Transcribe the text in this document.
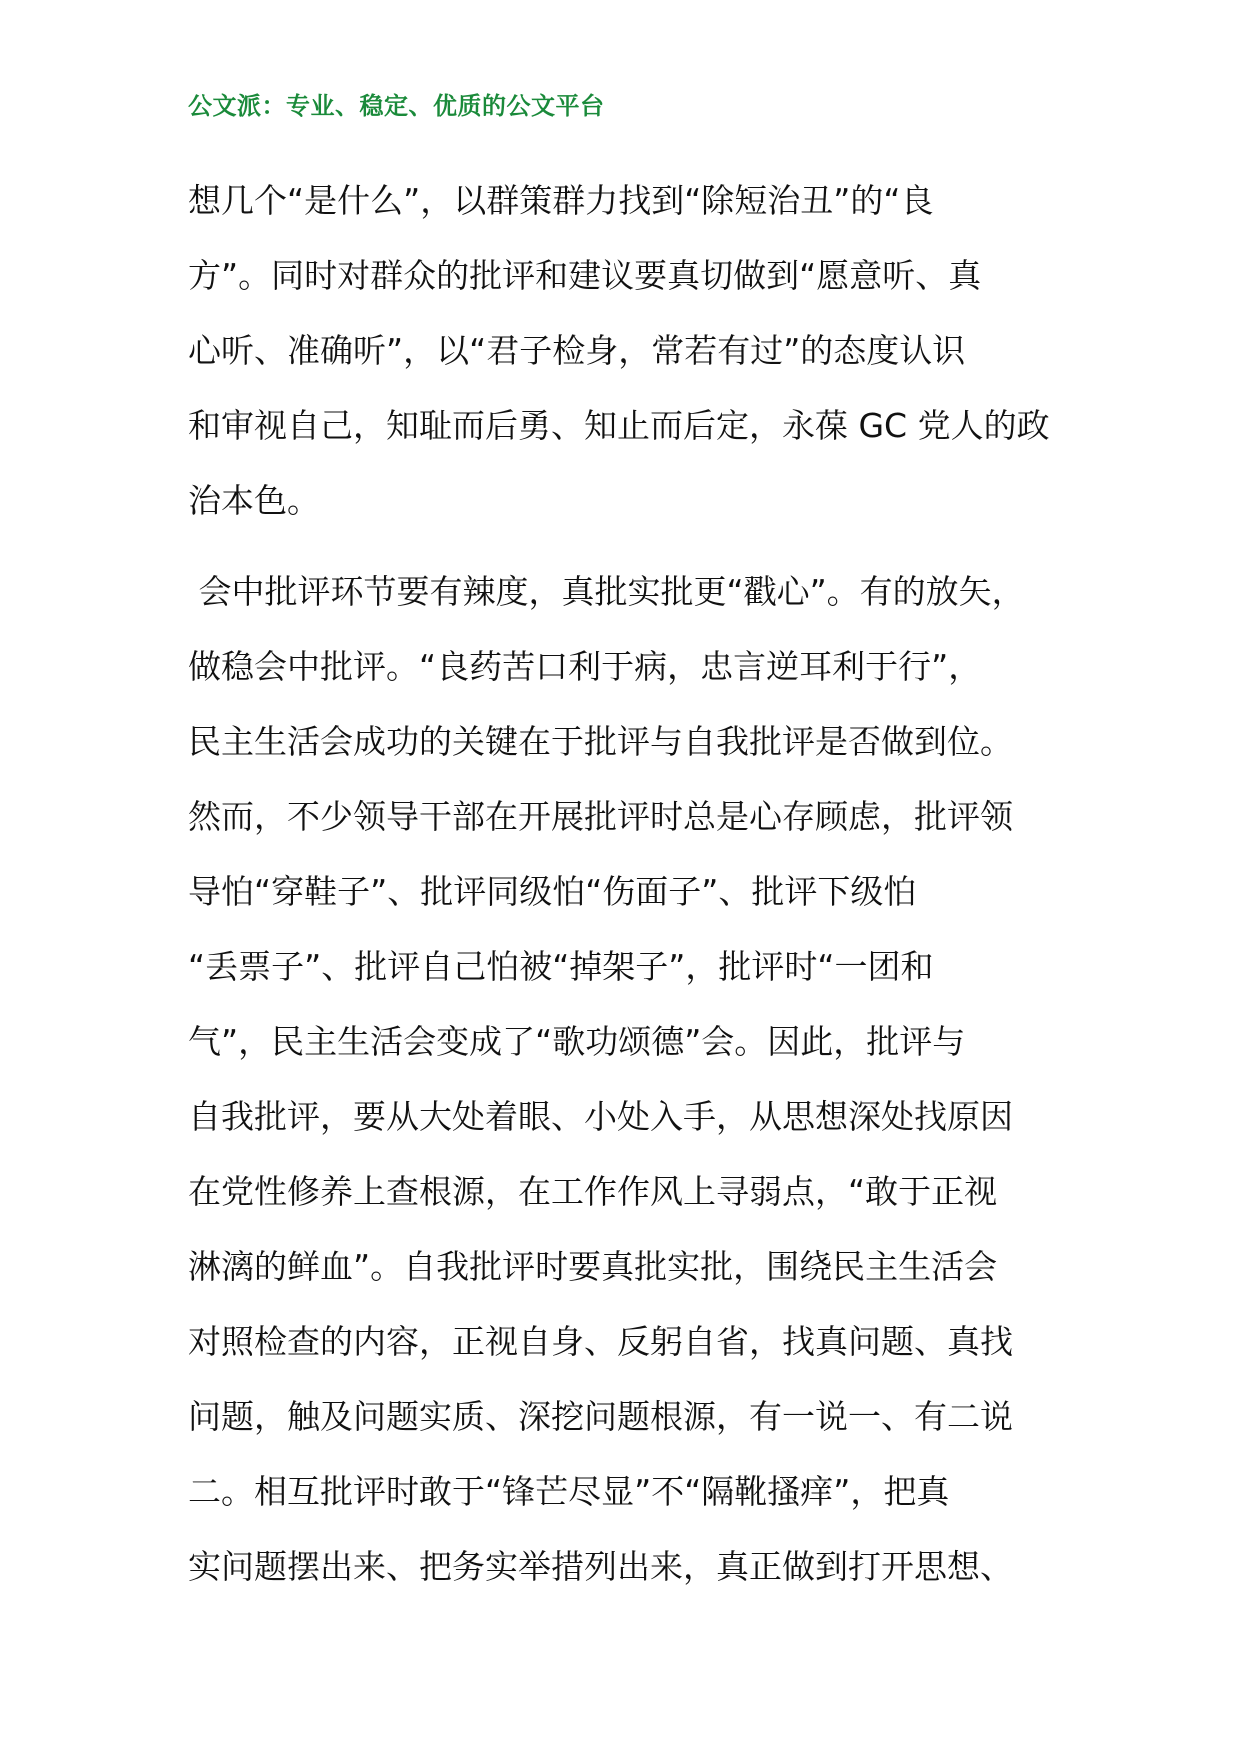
公文派：专业、稳定、优质的公文平台
想几个“是什么”，以群策群力找到“除短治丑”的“良
方”。同时对群众的批评和建议要真切做到“愿意听、真
心听、准确听”，以“君子检身，常若有过”的态度认识
和审视自己，知耻而后勇、知止而后定，永葆 GC 党人的政
治本色。
会中批评环节要有辣度，真批实批更“戳心”。有的放矢，
做稳会中批评。“良药苦口利于病，忠言逆耳利于行”，
民主生活会成功的关键在于批评与自我批评是否做到位。
然而，不少领导干部在开展批评时总是心存顾虑，批评领
导怕“穿鞋子”、批评同级怕“伤面子”、批评下级怕
“丢票子”、批评自己怕被“掉架子”，批评时“一团和
气”，民主生活会变成了“歌功颂德”会。因此，批评与
自我批评，要从大处着眼、小处入手，从思想深处找原因
在党性修养上查根源，在工作作风上寻弱点，“敢于正视
淋漓的鲜血”。自我批评时要真批实批，围绕民主生活会
对照检查的内容，正视自身、反躬自省，找真问题、真找
问题，触及问题实质、深挖问题根源，有一说一、有二说
二。相互批评时敢于“锋芒尽显”不“隔靴搔痒”，把真
实问题摆出来、把务实举措列出来，真正做到打开思想、
